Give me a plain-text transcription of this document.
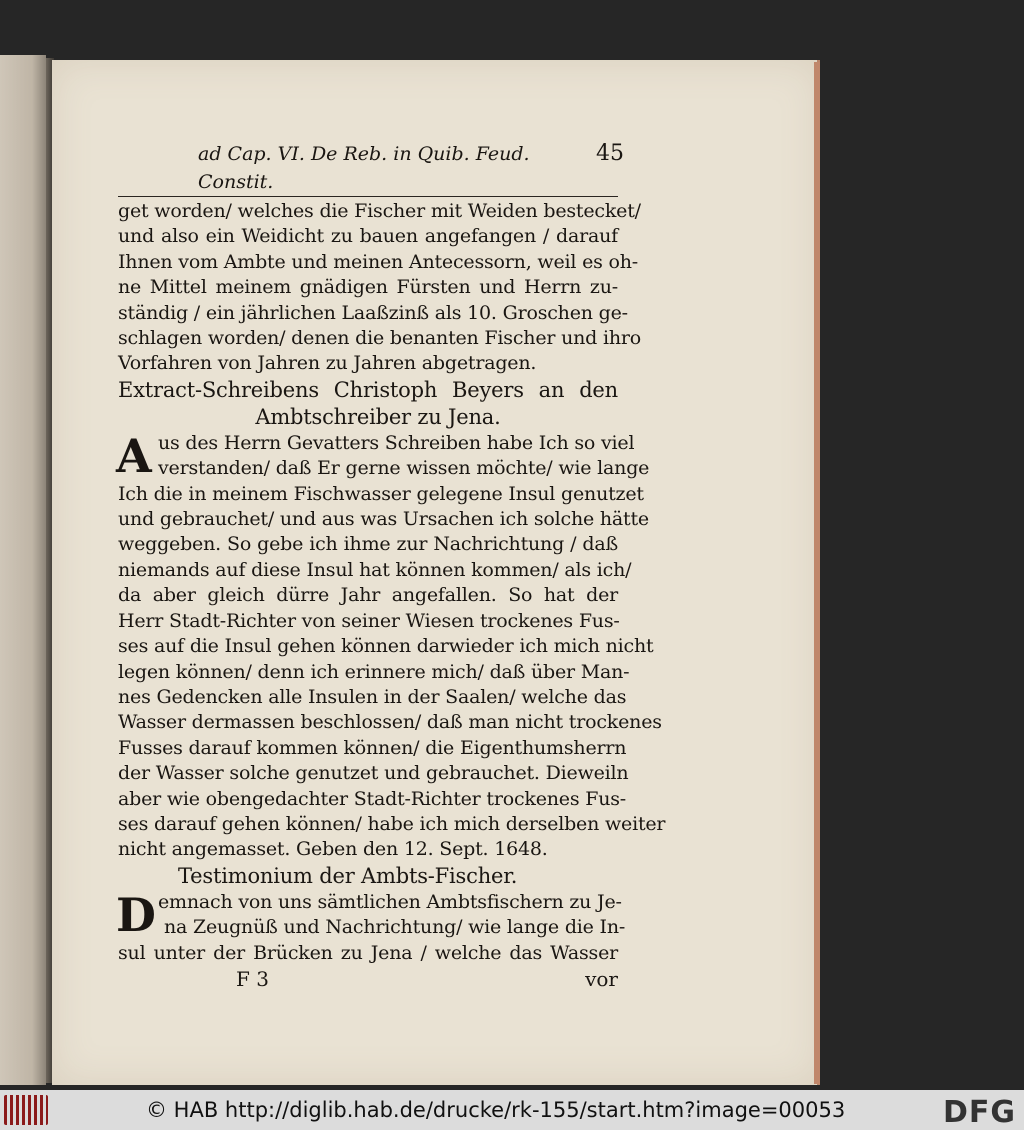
ad Cap. VI. De Reb. in Quib. Feud. Constit.
45
get worden/ welches die Fischer mit Weiden bestecket/
und also ein Weidicht zu bauen angefangen / darauf
Ihnen vom Ambte und meinen Antecessorn, weil es oh-
ne Mittel meinem gnädigen Fürsten und Herrn zu-
ständig / ein jährlichen Laaßzinß als 10. Groschen ge-
schlagen worden/ denen die benanten Fischer und ihro
Vorfahren von Jahren zu Jahren abgetragen.
Extract-Schreibens Christoph Beyers an den
Ambtschreiber zu Jena.
A us des Herrn Gevatters Schreiben habe Ich so viel
verstanden/ daß Er gerne wissen möchte/ wie lange
Ich die in meinem Fischwasser gelegene Insul genutzet
und gebrauchet/ und aus was Ursachen ich solche hätte
weggeben. So gebe ich ihme zur Nachrichtung / daß
niemands auf diese Insul hat können kommen/ als ich/
da aber gleich dürre Jahr angefallen. So hat der
Herr Stadt-Richter von seiner Wiesen trockenes Fus-
ses auf die Insul gehen können darwieder ich mich nicht
legen können/ denn ich erinnere mich/ daß über Man-
nes Gedencken alle Insulen in der Saalen/ welche das
Wasser dermassen beschlossen/ daß man nicht trockenes
Fusses darauf kommen können/ die Eigenthumsherrn
der Wasser solche genutzet und gebrauchet. Dieweiln
aber wie obengedachter Stadt-Richter trockenes Fus-
ses darauf gehen können/ habe ich mich derselben weiter
nicht angemasset. Geben den 12. Sept. 1648.
Testimonium der Ambts-Fischer.
D emnach von uns sämtlichen Ambtsfischern zu Je-
na Zeugnüß und Nachrichtung/ wie lange die In-
sul unter der Brücken zu Jena / welche das Wasser
F 3	vor
© HAB http://diglib.hab.de/drucke/rk-155/start.htm?image=00053	DFG
